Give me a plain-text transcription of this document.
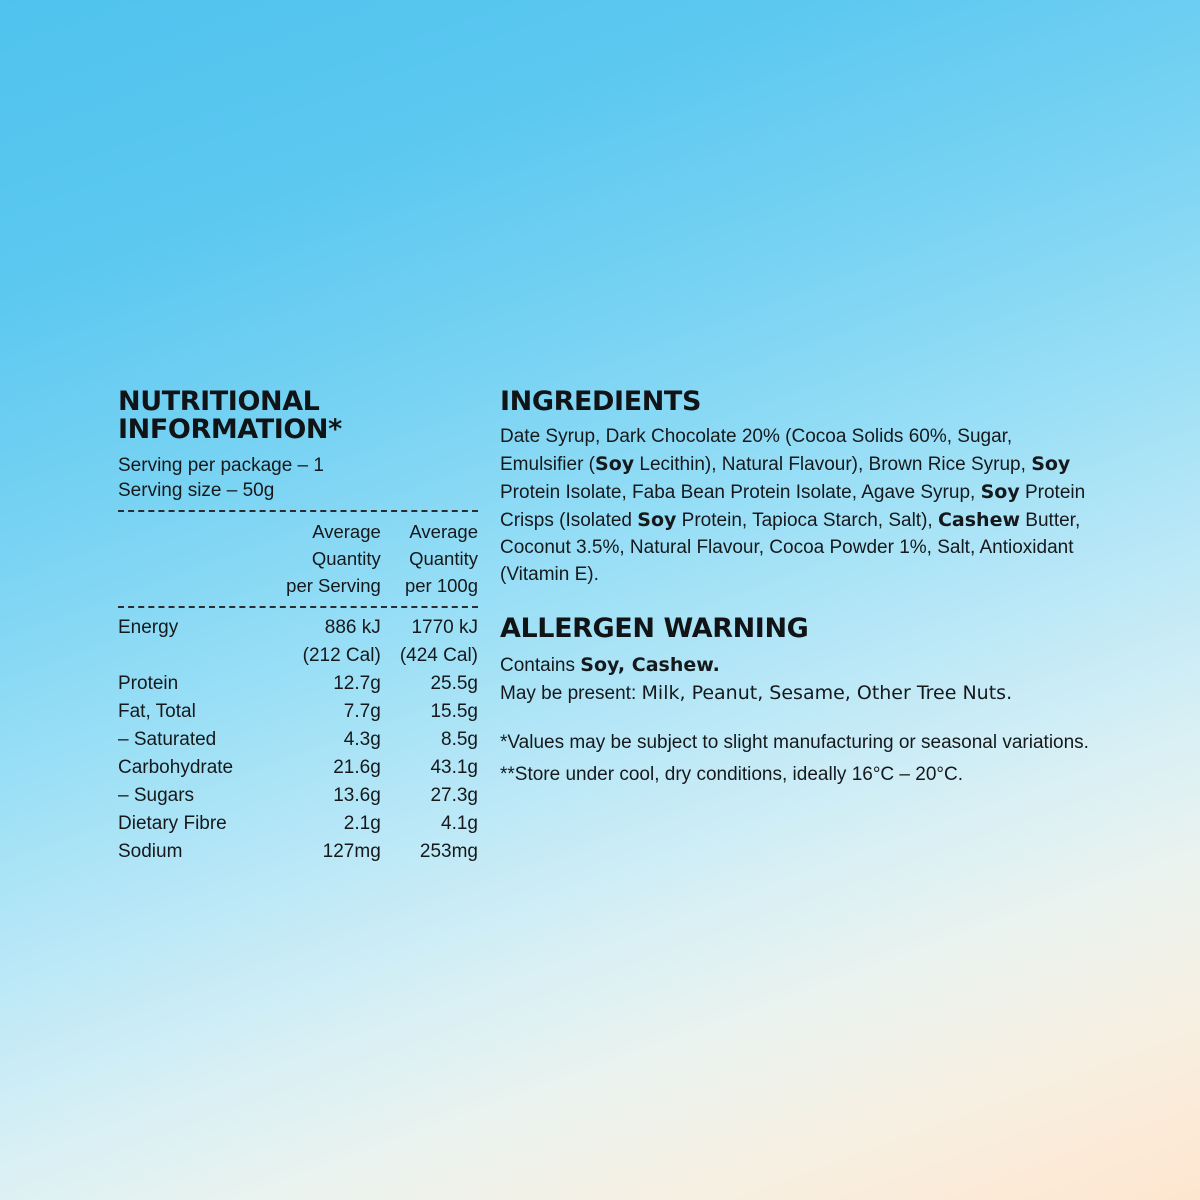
NUTRITIONAL INFORMATION*
Serving per package – 1
Serving size – 50g
	Average Quantity	Average Quantity
	per Serving	per 100g
Energy	886 kJ	1770 kJ
	(212 Cal)	(424 Cal)
Protein	12.7g	25.5g
Fat, Total	7.7g	15.5g
– Saturated	4.3g	8.5g
Carbohydrate	21.6g	43.1g
– Sugars	13.6g	27.3g
Dietary Fibre	2.1g	4.1g
Sodium	127mg	253mg
INGREDIENTS
Date Syrup, Dark Chocolate 20% (Cocoa Solids 60%, Sugar, Emulsifier (Soy Lecithin), Natural Flavour), Brown Rice Syrup, Soy Protein Isolate, Faba Bean Protein Isolate, Agave Syrup, Soy Protein Crisps (Isolated Soy Protein, Tapioca Starch, Salt), Cashew Butter, Coconut 3.5%, Natural Flavour, Cocoa Powder 1%, Salt, Antioxidant (Vitamin E).
ALLERGEN WARNING
Contains Soy, Cashew.
May be present: Milk, Peanut, Sesame, Other Tree Nuts.
*Values may be subject to slight manufacturing or seasonal variations.
**Store under cool, dry conditions, ideally 16°C – 20°C.
